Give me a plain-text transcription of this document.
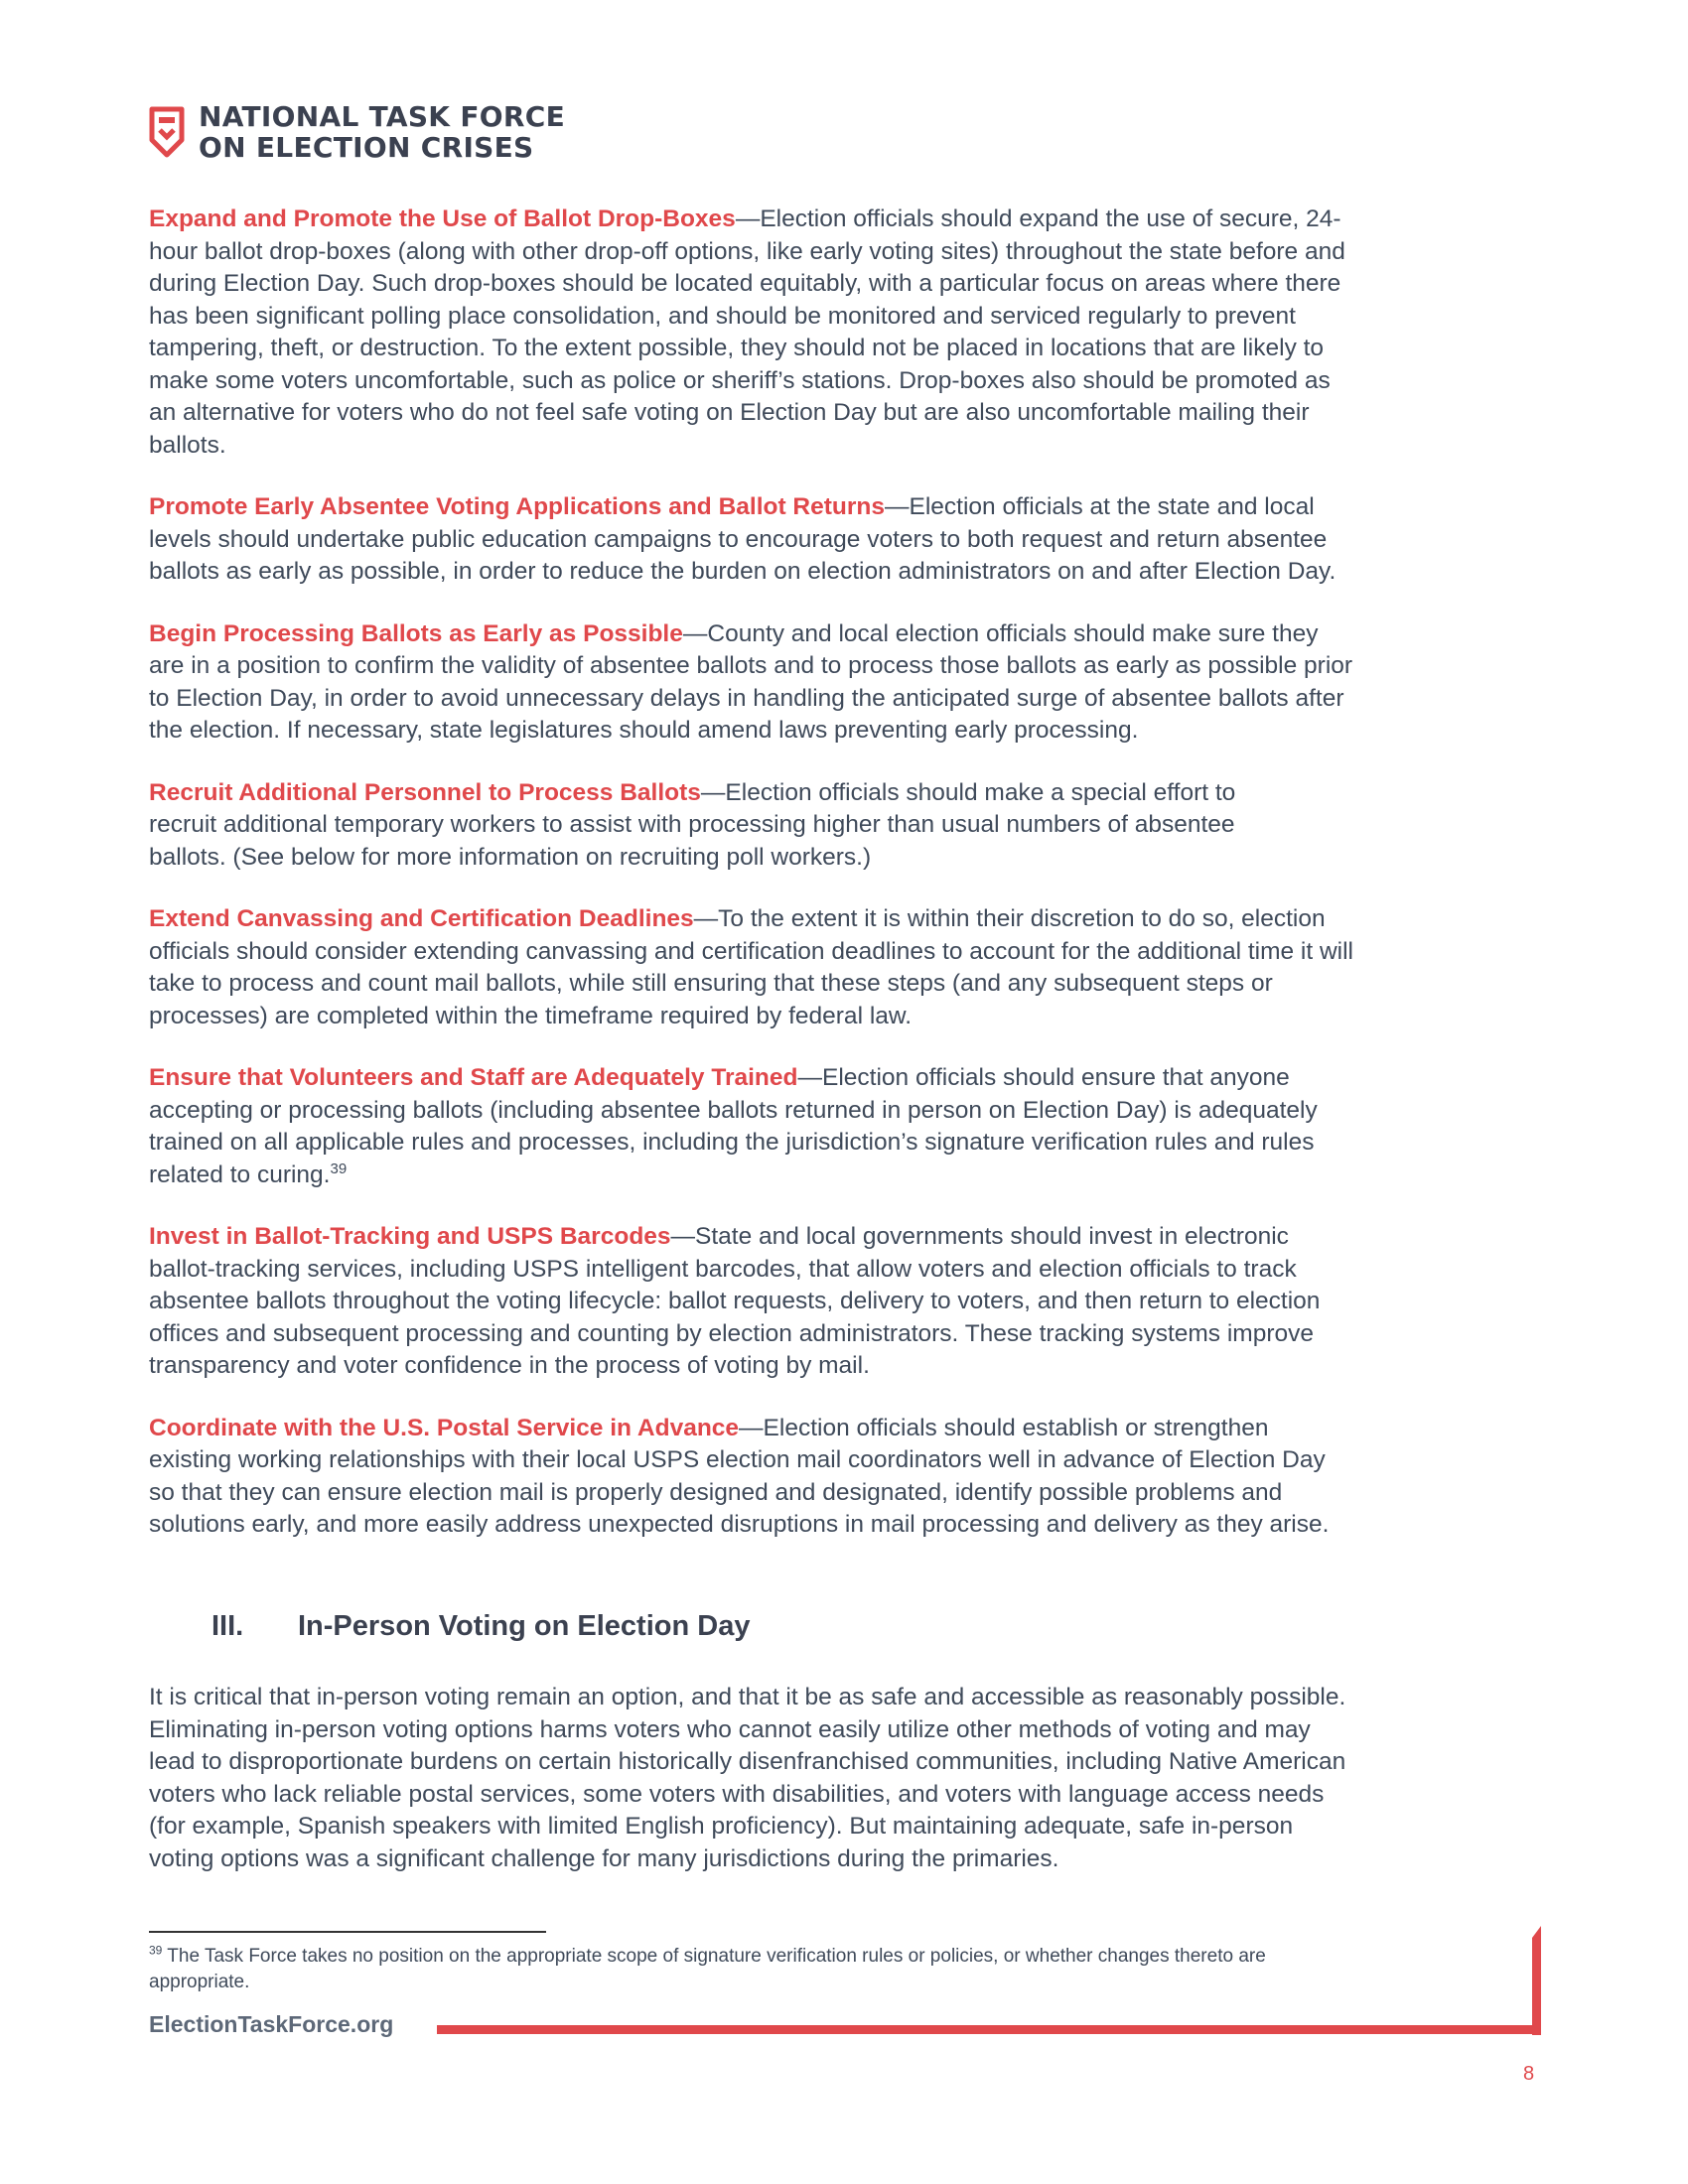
NATIONAL TASK FORCE
ON ELECTION CRISES

Expand and Promote the Use of Ballot Drop-Boxes—Election officials should expand the use of secure, 24-
hour ballot drop-boxes (along with other drop-off options, like early voting sites) throughout the state before and
during Election Day. Such drop-boxes should be located equitably, with a particular focus on areas where there
has been significant polling place consolidation, and should be monitored and serviced regularly to prevent
tampering, theft, or destruction. To the extent possible, they should not be placed in locations that are likely to
make some voters uncomfortable, such as police or sheriff’s stations. Drop-boxes also should be promoted as
an alternative for voters who do not feel safe voting on Election Day but are also uncomfortable mailing their
ballots.

Promote Early Absentee Voting Applications and Ballot Returns—Election officials at the state and local
levels should undertake public education campaigns to encourage voters to both request and return absentee
ballots as early as possible, in order to reduce the burden on election administrators on and after Election Day.

Begin Processing Ballots as Early as Possible—County and local election officials should make sure they
are in a position to confirm the validity of absentee ballots and to process those ballots as early as possible prior
to Election Day, in order to avoid unnecessary delays in handling the anticipated surge of absentee ballots after
the election. If necessary, state legislatures should amend laws preventing early processing.

Recruit Additional Personnel to Process Ballots—Election officials should make a special effort to
recruit additional temporary workers to assist with processing higher than usual numbers of absentee
ballots. (See below for more information on recruiting poll workers.)

Extend Canvassing and Certification Deadlines—To the extent it is within their discretion to do so, election
officials should consider extending canvassing and certification deadlines to account for the additional time it will
take to process and count mail ballots, while still ensuring that these steps (and any subsequent steps or
processes) are completed within the timeframe required by federal law.

Ensure that Volunteers and Staff are Adequately Trained—Election officials should ensure that anyone
accepting or processing ballots (including absentee ballots returned in person on Election Day) is adequately
trained on all applicable rules and processes, including the jurisdiction’s signature verification rules and rules
related to curing.$^{39}$

Invest in Ballot-Tracking and USPS Barcodes—State and local governments should invest in electronic
ballot-tracking services, including USPS intelligent barcodes, that allow voters and election officials to track
absentee ballots throughout the voting lifecycle: ballot requests, delivery to voters, and then return to election
offices and subsequent processing and counting by election administrators. These tracking systems improve
transparency and voter confidence in the process of voting by mail.

Coordinate with the U.S. Postal Service in Advance—Election officials should establish or strengthen
existing working relationships with their local USPS election mail coordinators well in advance of Election Day
so that they can ensure election mail is properly designed and designated, identify possible problems and
solutions early, and more easily address unexpected disruptions in mail processing and delivery as they arise.

III.	In-Person Voting on Election Day
It is critical that in-person voting remain an option, and that it be as safe and accessible as reasonably possible.
Eliminating in-person voting options harms voters who cannot easily utilize other methods of voting and may
lead to disproportionate burdens on certain historically disenfranchised communities, including Native American
voters who lack reliable postal services, some voters with disabilities, and voters with language access needs
(for example, Spanish speakers with limited English proficiency). But maintaining adequate, safe in-person
voting options was a significant challenge for many jurisdictions during the primaries.
$^{39}$ The Task Force takes no position on the appropriate scope of signature verification rules or policies, or whether changes thereto are
appropriate.
ElectionTaskForce.org
8
